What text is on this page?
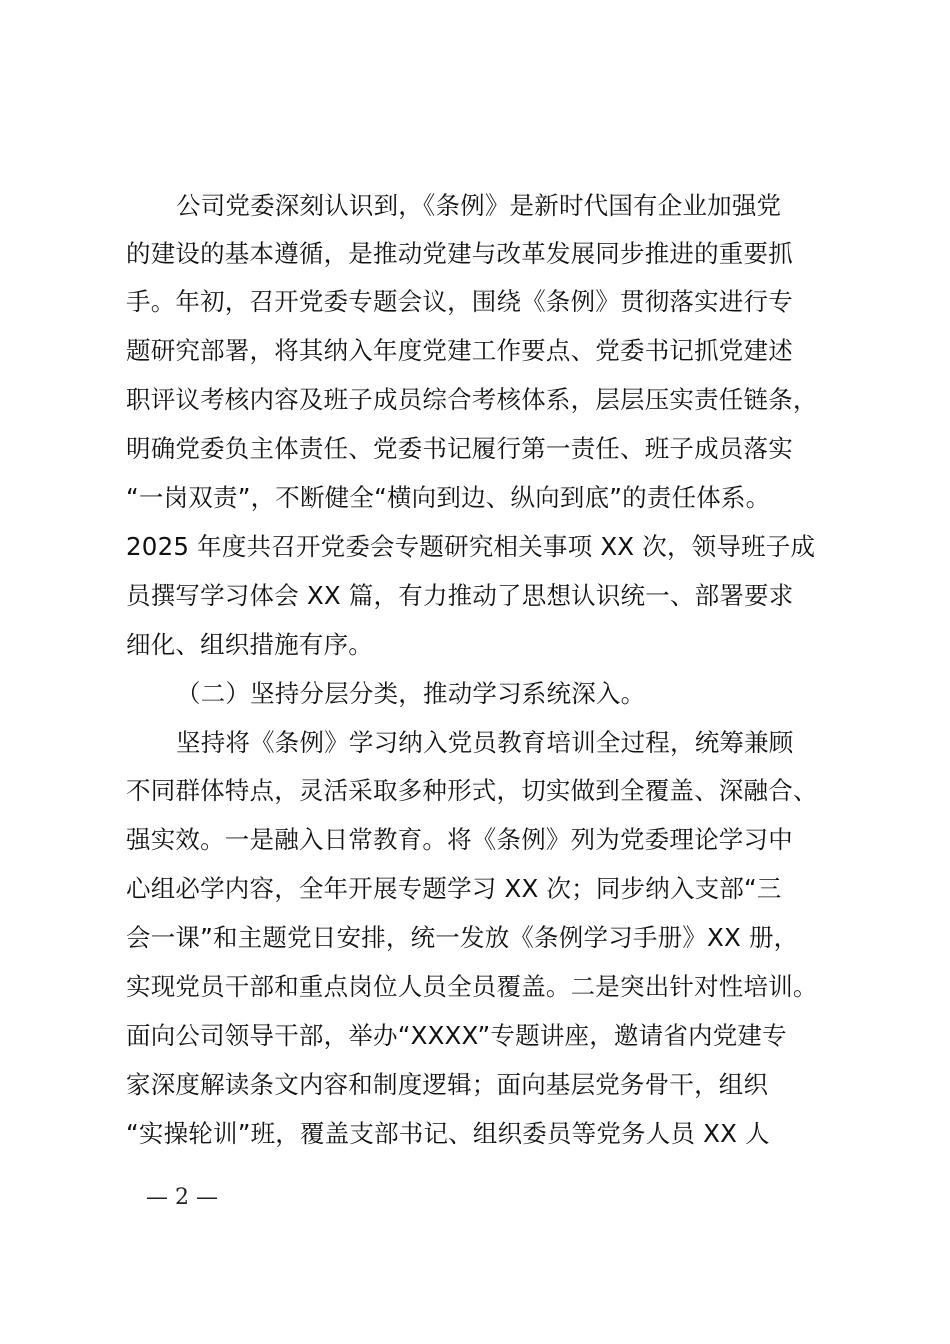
公司党委深刻认识到，《条例》是新时代国有企业加强党
的建设的基本遵循，是推动党建与改革发展同步推进的重要抓
手。年初，召开党委专题会议，围绕《条例》贯彻落实进行专
题研究部署，将其纳入年度党建工作要点、党委书记抓党建述
职评议考核内容及班子成员综合考核体系，层层压实责任链条，
明确党委负主体责任、党委书记履行第一责任、班子成员落实
“一岗双责”，不断健全“横向到边、纵向到底”的责任体系。
2025 年度共召开党委会专题研究相关事项 XX 次，领导班子成
员撰写学习体会 XX 篇，有力推动了思想认识统一、部署要求
细化、组织措施有序。
（二）坚持分层分类，推动学习系统深入。
坚持将《条例》学习纳入党员教育培训全过程，统筹兼顾
不同群体特点，灵活采取多种形式，切实做到全覆盖、深融合、
强实效。一是融入日常教育。将《条例》列为党委理论学习中
心组必学内容，全年开展专题学习 XX 次；同步纳入支部“三
会一课”和主题党日安排，统一发放《条例学习手册》XX 册，
实现党员干部和重点岗位人员全员覆盖。二是突出针对性培训。
面向公司领导干部，举办“XXXX”专题讲座，邀请省内党建专
家深度解读条文内容和制度逻辑；面向基层党务骨干，组织
“实操轮训”班，覆盖支部书记、组织委员等党务人员 XX 人
— 2 —
